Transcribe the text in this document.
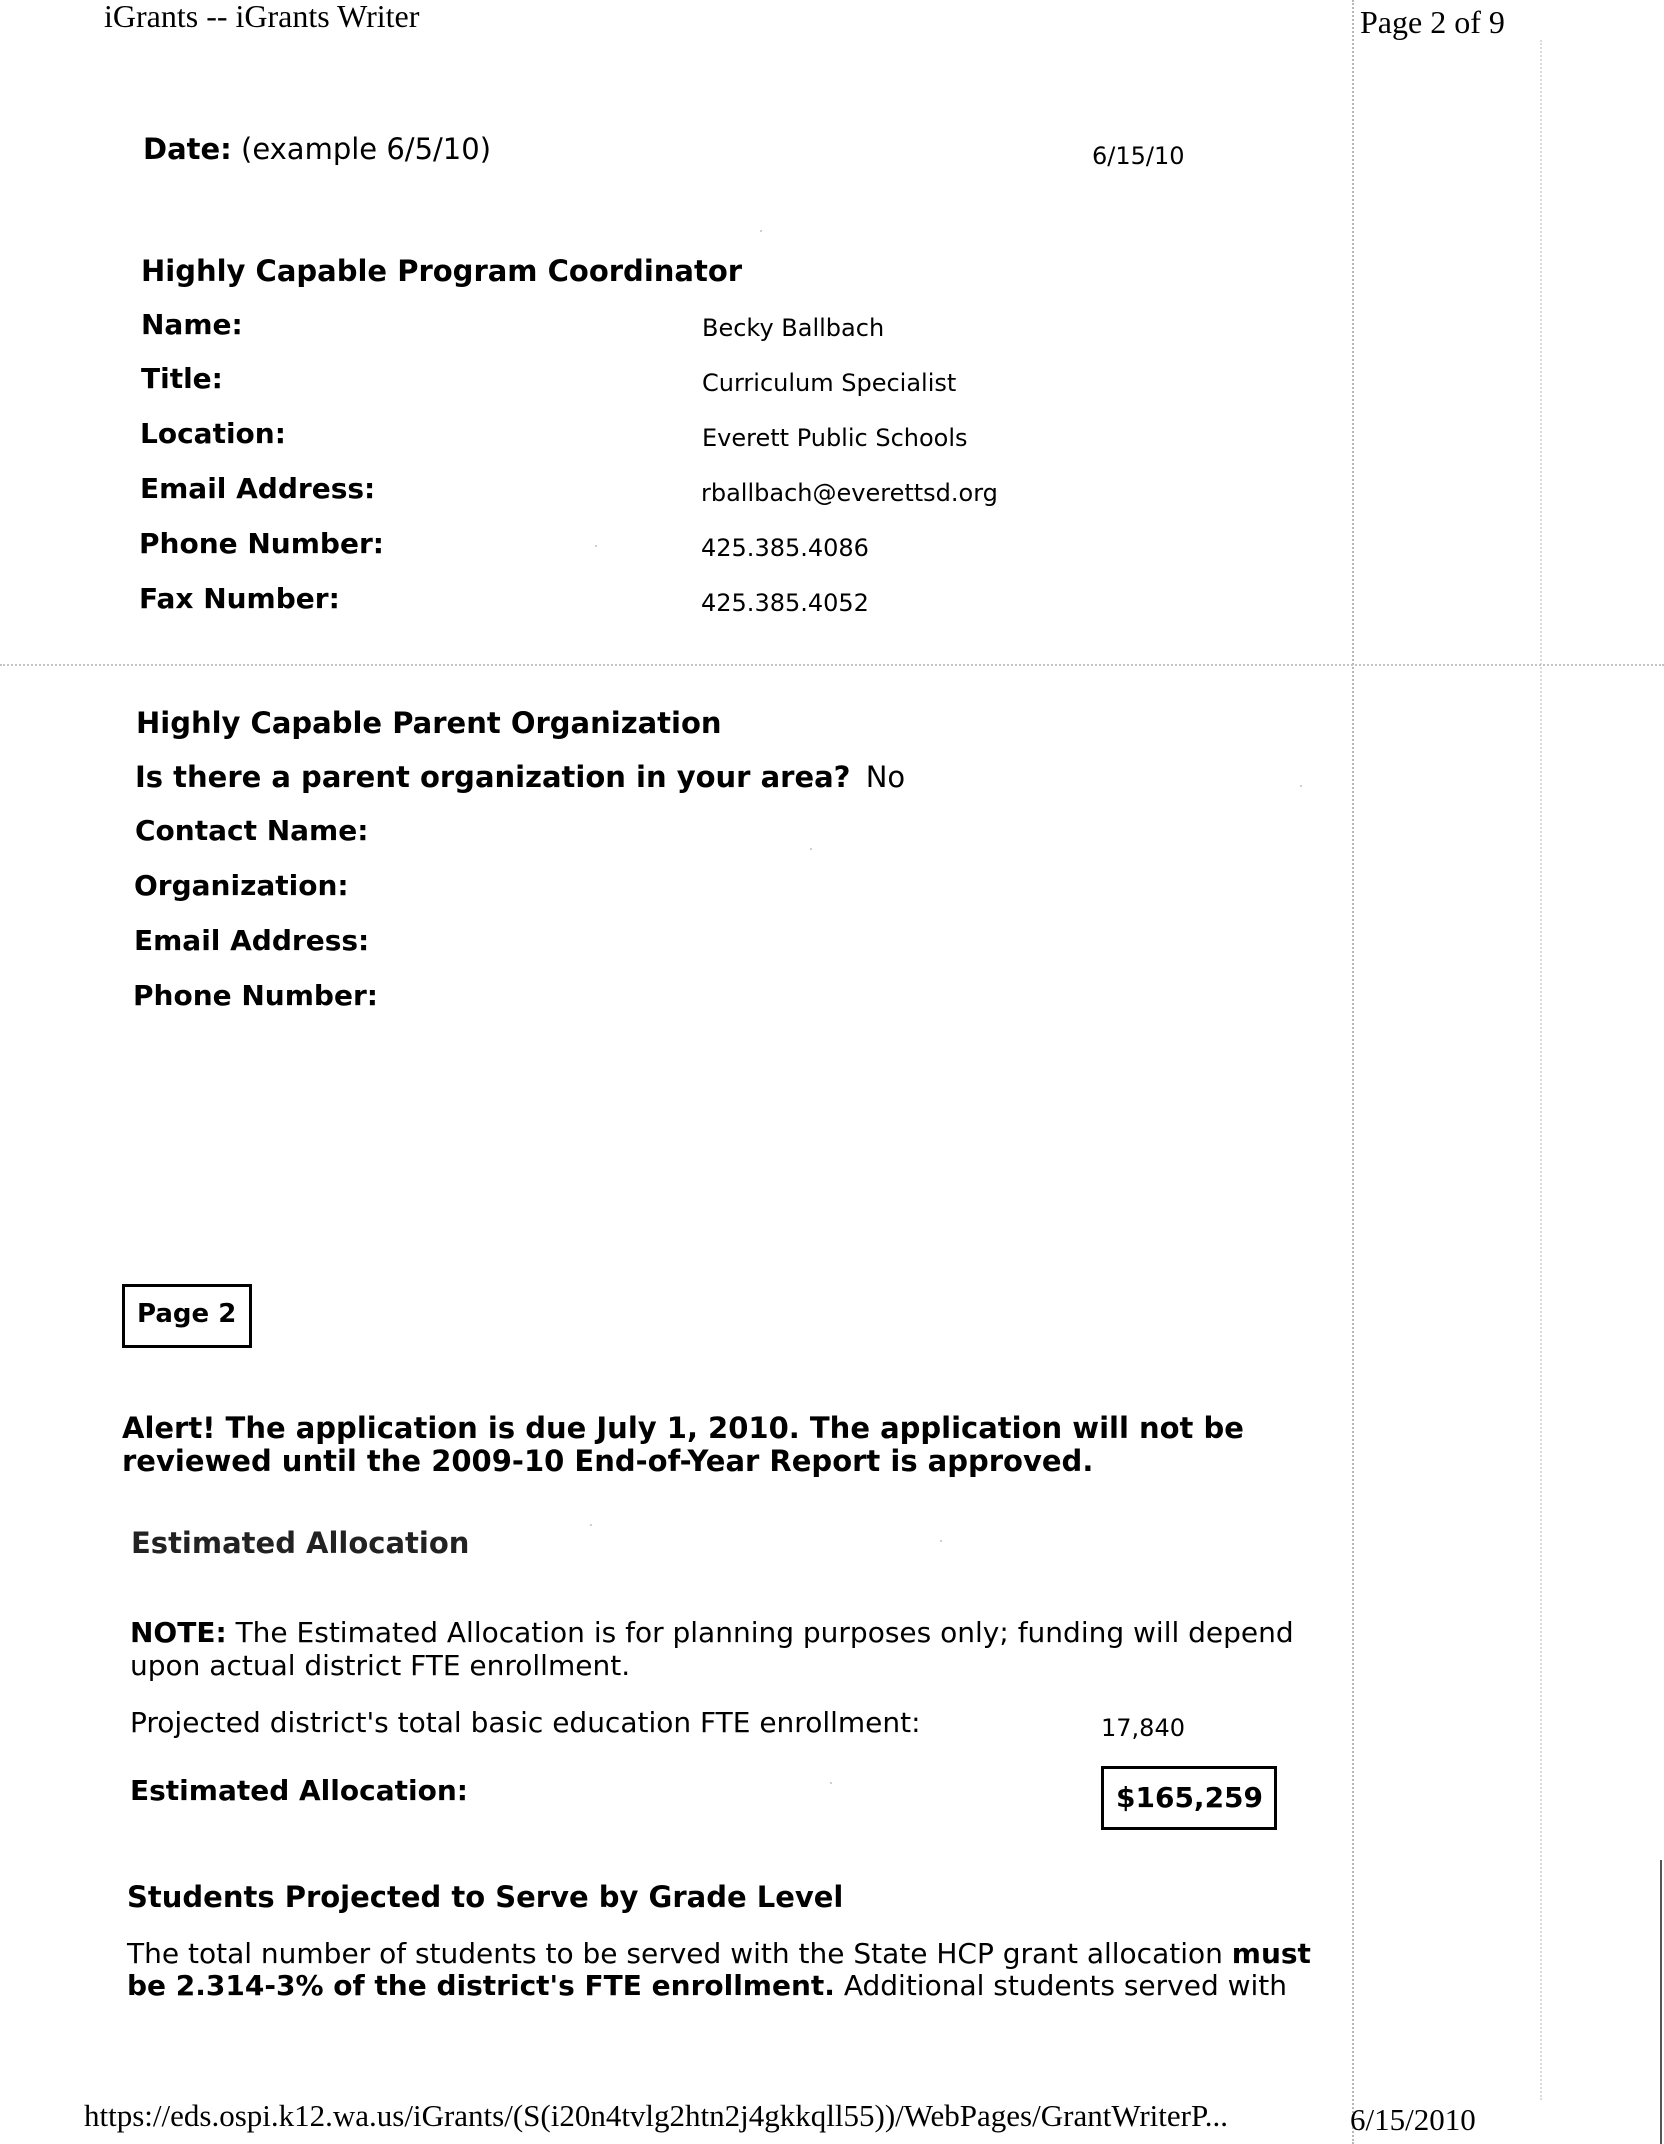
iGrants -- iGrants Writer	Page 2 of 9
Date: (example 6/5/10)	6/15/10
Highly Capable Program Coordinator
Name:	Becky Ballbach
Title:	Curriculum Specialist
Location:	Everett Public Schools
Email Address:	rballbach@everettsd.org
Phone Number:	425.385.4086
Fax Number:	425.385.4052
Highly Capable Parent Organization
Is there a parent organization in your area? No
Contact Name:
Organization:
Email Address:
Phone Number:
Page 2
Alert! The application is due July 1, 2010. The application will not be
reviewed until the 2009-10 End-of-Year Report is approved.
Estimated Allocation
NOTE: The Estimated Allocation is for planning purposes only; funding will depend
upon actual district FTE enrollment.
Projected district's total basic education FTE enrollment:	17,840
Estimated Allocation:	$165,259
Students Projected to Serve by Grade Level
The total number of students to be served with the State HCP grant allocation must
be 2.314-3% of the district's FTE enrollment. Additional students served with
https://eds.ospi.k12.wa.us/iGrants/(S(i20n4tvlg2htn2j4gkkqll55))/WebPages/GrantWriterP...	6/15/2010
